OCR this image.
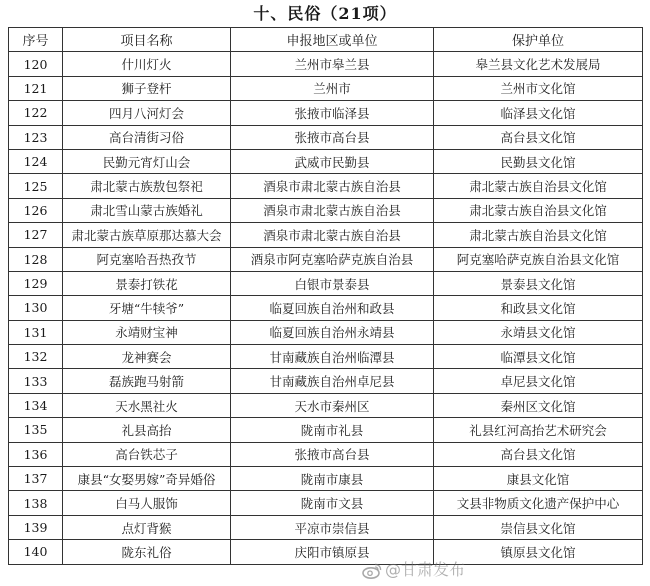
十、民俗（21项）
序号	项目名称	申报地区或单位	保护单位
120	什川灯火	兰州市皋兰县	皋兰县文化艺术发展局
121	狮子登杆	兰州市	兰州市文化馆
122	四月八河灯会	张掖市临泽县	临泽县文化馆
123	高台清街习俗	张掖市高台县	高台县文化馆
124	民勤元宵灯山会	武威市民勤县	民勤县文化馆
125	肃北蒙古族敖包祭祀	酒泉市肃北蒙古族自治县	肃北蒙古族自治县文化馆
126	肃北雪山蒙古族婚礼	酒泉市肃北蒙古族自治县	肃北蒙古族自治县文化馆
127	肃北蒙古族草原那达慕大会	酒泉市肃北蒙古族自治县	肃北蒙古族自治县文化馆
128	阿克塞哈吾热孜节	酒泉市阿克塞哈萨克族自治县	阿克塞哈萨克族自治县文化馆
129	景泰打铁花	白银市景泰县	景泰县文化馆
130	牙塘“牛犊爷”	临夏回族自治州和政县	和政县文化馆
131	永靖财宝神	临夏回族自治州永靖县	永靖县文化馆
132	龙神赛会	甘南藏族自治州临潭县	临潭县文化馆
133	磊族跑马射箭	甘南藏族自治州卓尼县	卓尼县文化馆
134	天水黑社火	天水市秦州区	秦州区文化馆
135	礼县高抬	陇南市礼县	礼县红河高抬艺术研究会
136	高台铁芯子	张掖市高台县	高台县文化馆
137	康县“女娶男嫁”奇异婚俗	陇南市康县	康县文化馆
138	白马人服饰	陇南市文县	文县非物质文化遗产保护中心
139	点灯背猴	平凉市崇信县	崇信县文化馆
140	陇东礼俗	庆阳市镇原县	镇原县文化馆
@甘肃发布
